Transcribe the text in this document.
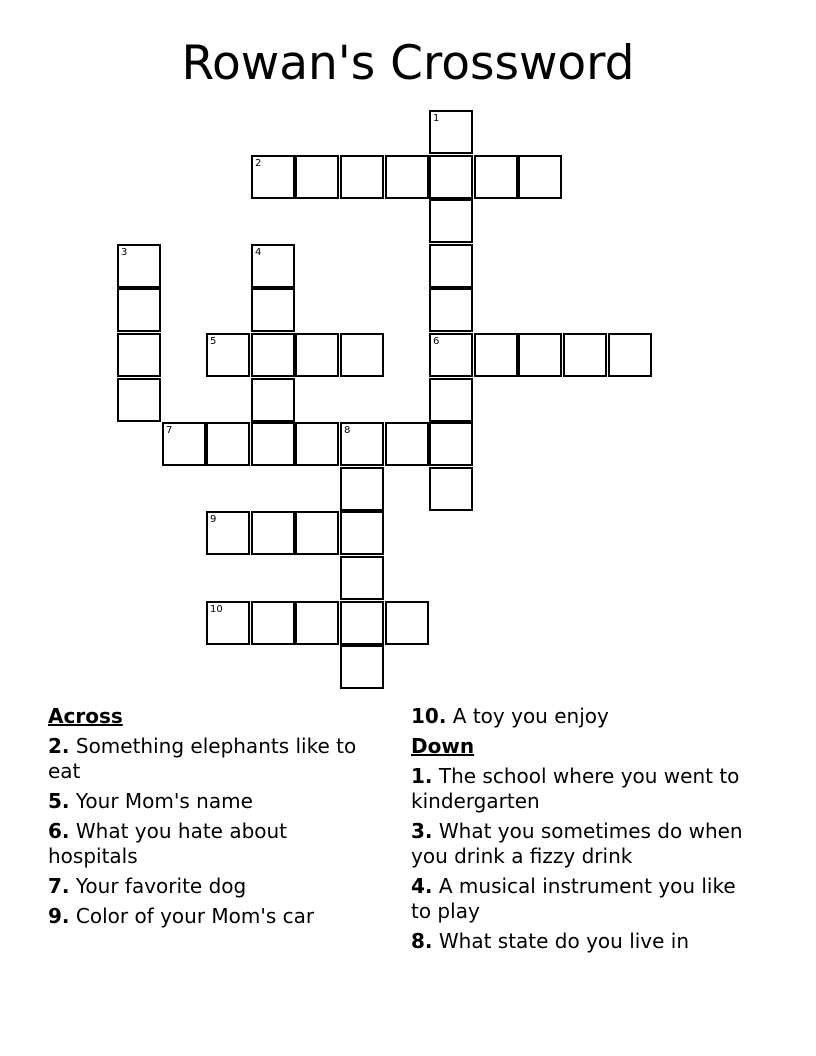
Rowan's Crossword
1
6
2
3	4
5
7	8
9
10
Across
2. Something elephants like to eat
5. Your Mom's name
6. What you hate about hospitals
7. Your favorite dog
9. Color of your Mom's car
10. A toy you enjoy
Down
1. The school where you went to kindergarten
3. What you sometimes do when you drink a fizzy drink
4. A musical instrument you like to play
8. What state do you live in
